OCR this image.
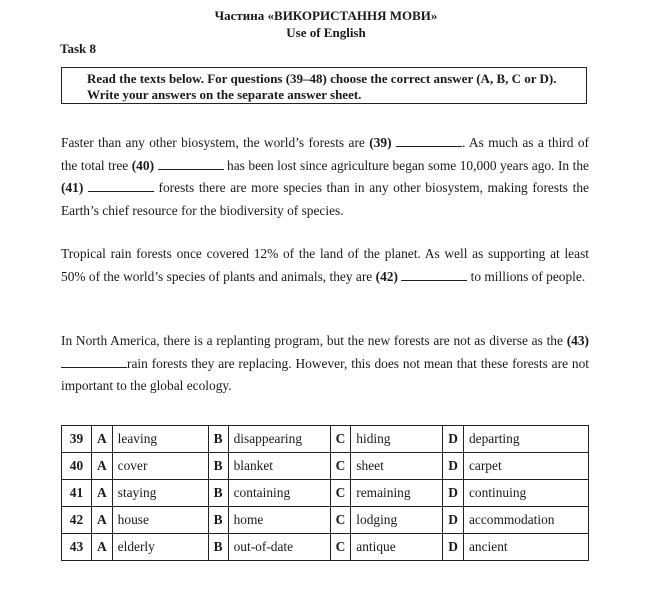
Частина «ВИКОРИСТАННЯ МОВИ»
Use of English
Task 8
Read the texts below. For questions (39–48) choose the correct answer (A, B, C or D). Write your answers on the separate answer sheet.
Faster than any other biosystem, the world’s forests are (39)	. As much as a third of the total tree (40)	has been lost since agriculture began some 10,000 years ago. In the (41)	forests there are more species than in any other biosystem, making forests the Earth’s chief resource for the biodiversity of species.
Tropical rain forests once covered 12% of the land of the planet. As well as supporting at least 50% of the world’s species of plants and animals, they are (42)	to millions of people.
In North America, there is a replanting program, but the new forests are not as diverse as the (43) rain forests they are replacing. However, this does not mean that these forests are not important to the global ecology.
39	A	leaving	B	disappearing	C	hiding	D	departing
40	A	cover	B	blanket	C	sheet	D	carpet
41	A	staying	B	containing	C	remaining	D	continuing
42	A	house	B	home	C	lodging	D	accommodation
43	A	elderly	B	out-of-date	C	antique	D	ancient
